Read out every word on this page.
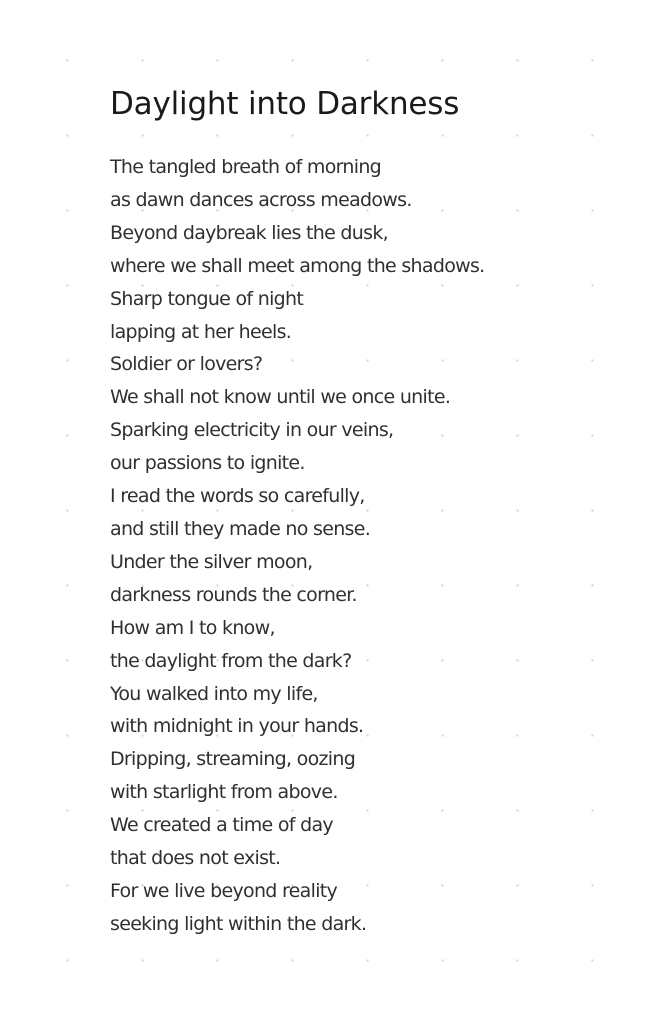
Daylight into Darkness
The tangled breath of morning
as dawn dances across meadows.
Beyond daybreak lies the dusk,
where we shall meet among the shadows.
Sharp tongue of night
lapping at her heels.
Soldier or lovers?
We shall not know until we once unite.
Sparking electricity in our veins,
our passions to ignite.
I read the words so carefully,
and still they made no sense.
Under the silver moon,
darkness rounds the corner.
How am I to know,
the daylight from the dark?
You walked into my life,
with midnight in your hands.
Dripping, streaming, oozing
with starlight from above.
We created a time of day
that does not exist.
For we live beyond reality
seeking light within the dark.
